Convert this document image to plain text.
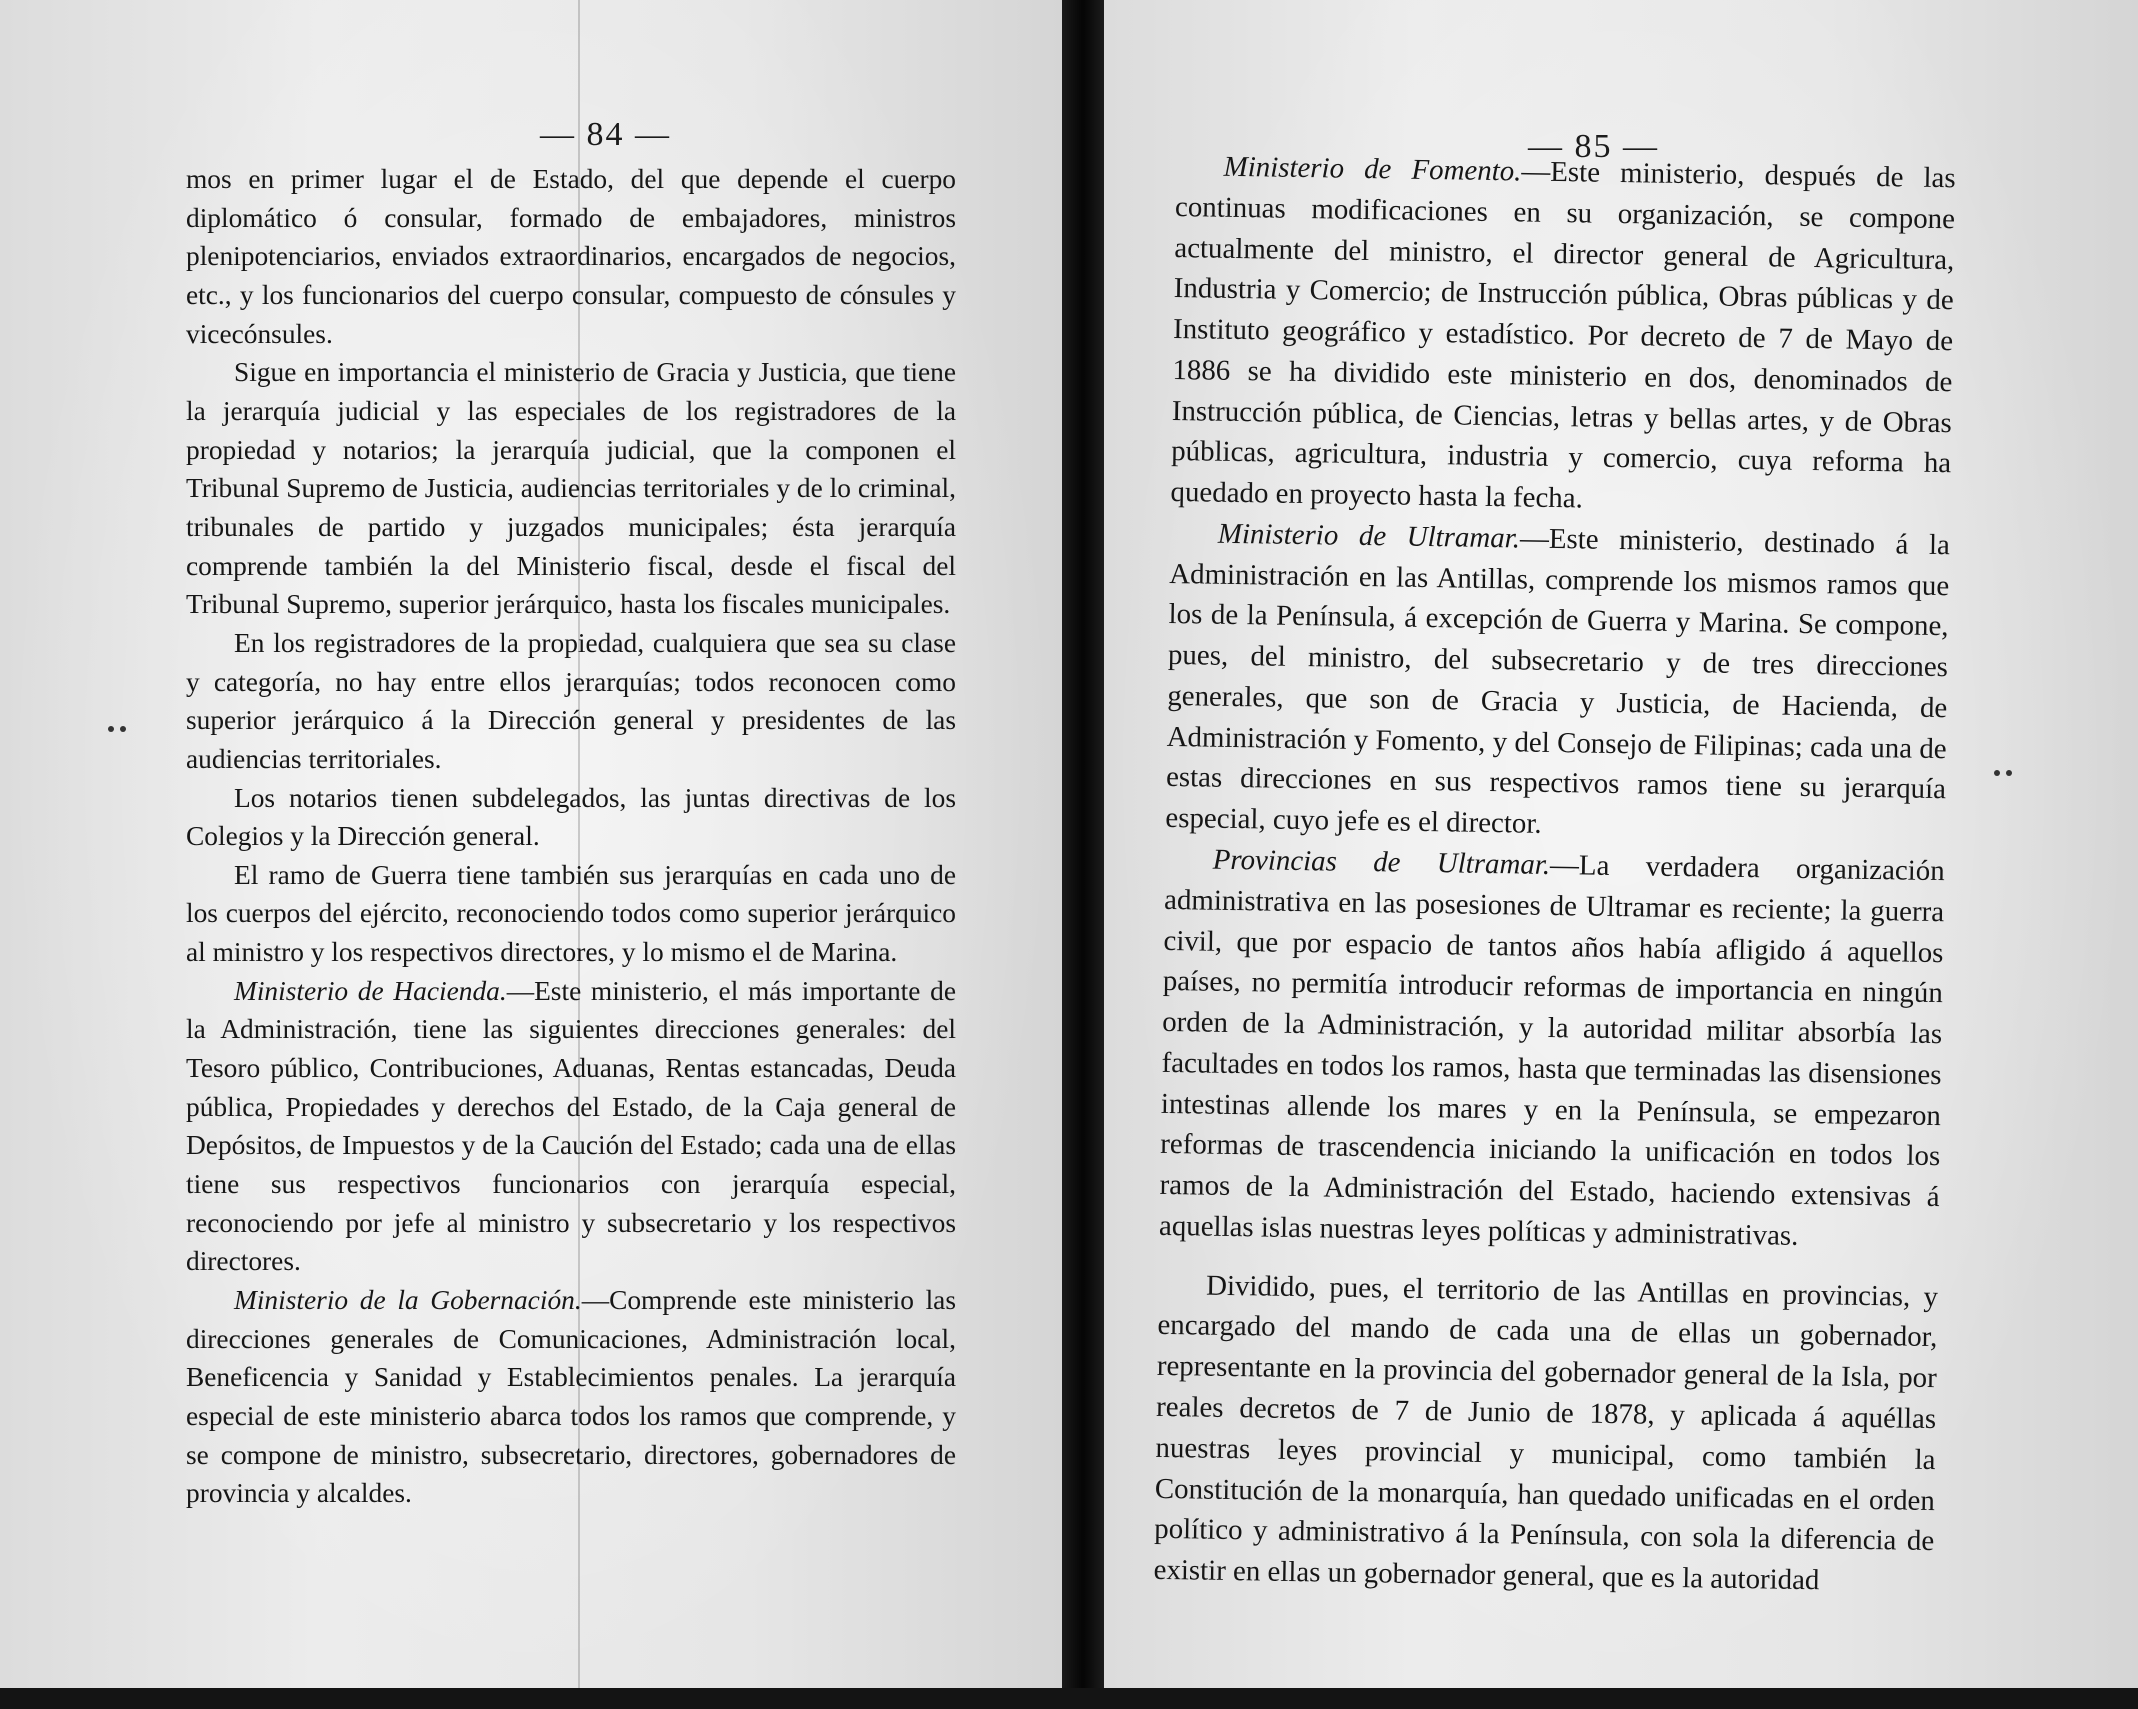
— 84 —

mos en primer lugar el de Estado, del que depende el cuerpo diplomático ó consular, formado de embajadores, ministros plenipotenciarios, enviados extraordinarios, encargados de negocios, etc., y los funcionarios del cuerpo consular, compuesto de cónsules y vicecónsules.

Sigue en importancia el ministerio de Gracia y Justicia, que tiene la jerarquía judicial y las especiales de los registradores de la propiedad y notarios; la jerarquía judicial, que la componen el Tribunal Supremo de Justicia, audiencias territoriales y de lo criminal, tribunales de partido y juzgados municipales; ésta jerarquía comprende también la del Ministerio fiscal, desde el fiscal del Tribunal Supremo, superior jerárquico, hasta los fiscales municipales.

En los registradores de la propiedad, cualquiera que sea su clase y categoría, no hay entre ellos jerarquías; todos reconocen como superior jerárquico á la Dirección general y presidentes de las audiencias territoriales.

Los notarios tienen subdelegados, las juntas directivas de los Colegios y la Dirección general.

El ramo de Guerra tiene también sus jerarquías en cada uno de los cuerpos del ejército, reconociendo todos como superior jerárquico al ministro y los respectivos directores, y lo mismo el de Marina.

Ministerio de Hacienda.—Este ministerio, el más importante de la Administración, tiene las siguientes direcciones generales: del Tesoro público, Contribuciones, Aduanas, Rentas estancadas, Deuda pública, Propiedades y derechos del Estado, de la Caja general de Depósitos, de Impuestos y de la Caución del Estado; cada una de ellas tiene sus respectivos funcionarios con jerarquía especial, reconociendo por jefe al ministro y subsecretario y los respectivos directores.

Ministerio de la Gobernación.—Comprende este ministerio las direcciones generales de Comunicaciones, Administración local, Beneficencia y Sanidad y Establecimientos penales. La jerarquía especial de este ministerio abarca todos los ramos que comprende, y se compone de ministro, subsecretario, directores, gobernadores de provincia y alcaldes.

— 85 —

Ministerio de Fomento.—Este ministerio, después de las continuas modificaciones en su organización, se compone actualmente del ministro, el director general de Agricultura, Industria y Comercio; de Instrucción pública, Obras públicas y de Instituto geográfico y estadístico. Por decreto de 7 de Mayo de 1886 se ha dividido este ministerio en dos, denominados de Instrucción pública, de Ciencias, letras y bellas artes, y de Obras públicas, agricultura, industria y comercio, cuya reforma ha quedado en proyecto hasta la fecha.

Ministerio de Ultramar.—Este ministerio, destinado á la Administración en las Antillas, comprende los mismos ramos que los de la Península, á excepción de Guerra y Marina. Se compone, pues, del ministro, del subsecretario y de tres direcciones generales, que son de Gracia y Justicia, de Hacienda, de Administración y Fomento, y del Consejo de Filipinas; cada una de estas direcciones en sus respectivos ramos tiene su jerarquía especial, cuyo jefe es el director.

Provincias de Ultramar.—La verdadera organización administrativa en las posesiones de Ultramar es reciente; la guerra civil, que por espacio de tantos años había afligido á aquellos países, no permitía introducir reformas de importancia en ningún orden de la Administración, y la autoridad militar absorbía las facultades en todos los ramos, hasta que terminadas las disensiones intestinas allende los mares y en la Península, se empezaron reformas de trascendencia iniciando la unificación en todos los ramos de la Administración del Estado, haciendo extensivas á aquellas islas nuestras leyes políticas y administrativas.

Dividido, pues, el territorio de las Antillas en provincias, y encargado del mando de cada una de ellas un gobernador, representante en la provincia del gobernador general de la Isla, por reales decretos de 7 de Junio de 1878, y aplicada á aquéllas nuestras leyes provincial y municipal, como también la Constitución de la monarquía, han quedado unificadas en el orden político y administrativo á la Península, con sola la diferencia de existir en ellas un gobernador general, que es la autoridad
